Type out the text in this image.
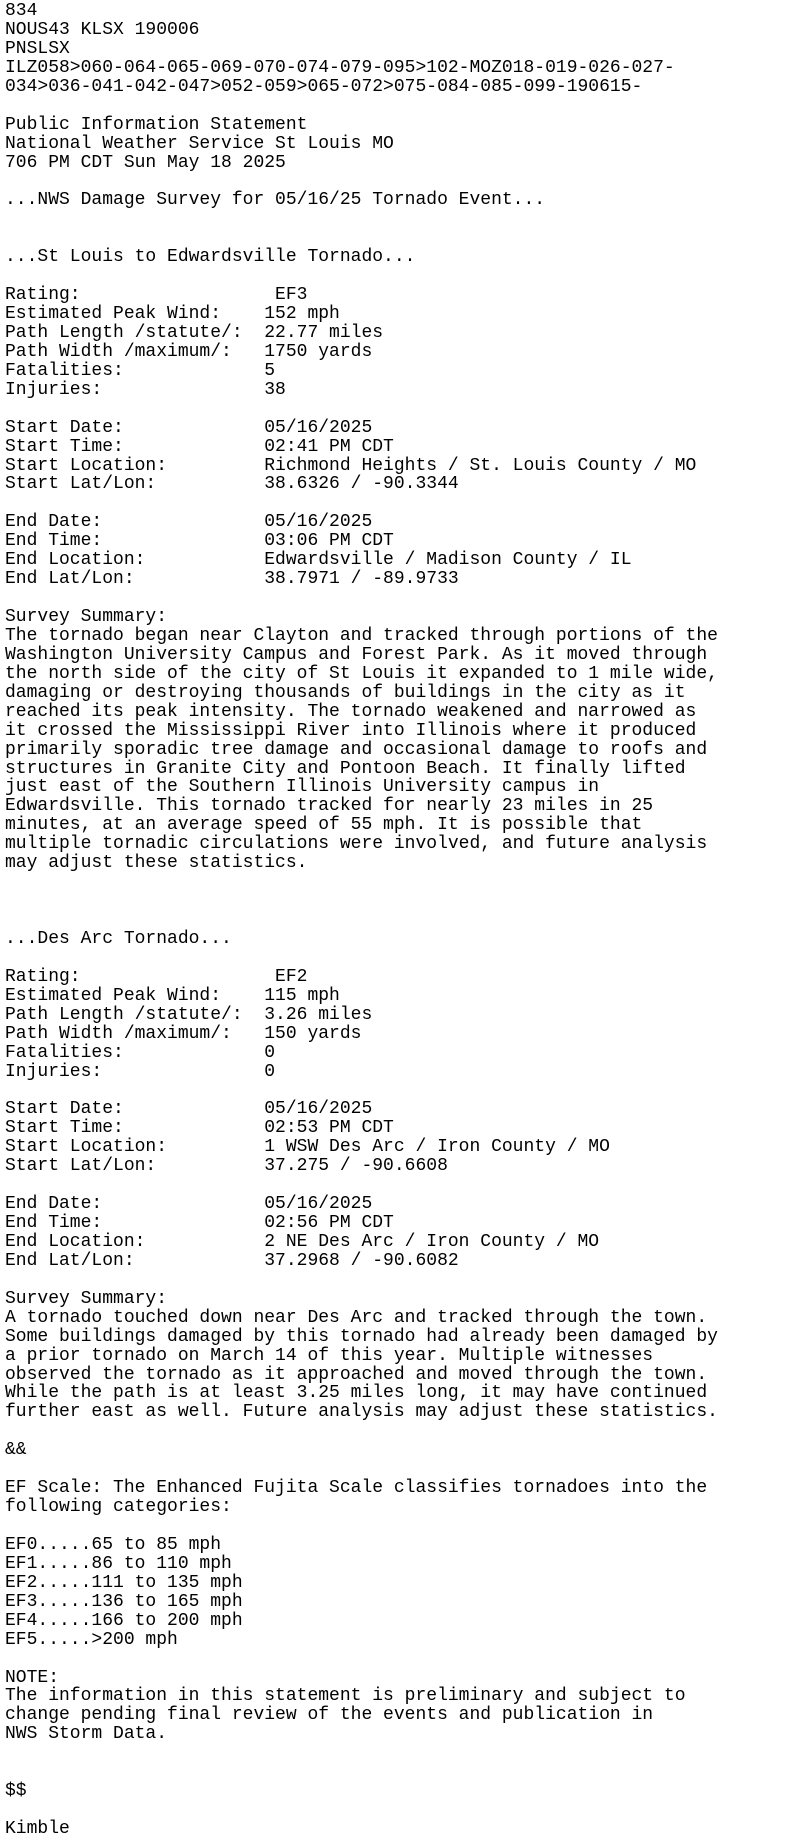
834
NOUS43 KLSX 190006
PNSLSX
ILZ058>060-064-065-069-070-074-079-095>102-MOZ018-019-026-027-
034>036-041-042-047>052-059>065-072>075-084-085-099-190615-
Public Information Statement
National Weather Service St Louis MO
706 PM CDT Sun May 18 2025
...NWS Damage Survey for 05/16/25 Tornado Event...
...St Louis to Edwardsville Tornado...
Rating:                  EF3
Estimated Peak Wind:    152 mph
Path Length /statute/:  22.77 miles
Path Width /maximum/:   1750 yards
Fatalities:             5
Injuries:               38
Start Date:             05/16/2025
Start Time:             02:41 PM CDT
Start Location:         Richmond Heights / St. Louis County / MO
Start Lat/Lon:          38.6326 / -90.3344
End Date:               05/16/2025
End Time:               03:06 PM CDT
End Location:           Edwardsville / Madison County / IL
End Lat/Lon:            38.7971 / -89.9733
Survey Summary:
The tornado began near Clayton and tracked through portions of the
Washington University Campus and Forest Park. As it moved through
the north side of the city of St Louis it expanded to 1 mile wide,
damaging or destroying thousands of buildings in the city as it
reached its peak intensity. The tornado weakened and narrowed as
it crossed the Mississippi River into Illinois where it produced
primarily sporadic tree damage and occasional damage to roofs and
structures in Granite City and Pontoon Beach. It finally lifted
just east of the Southern Illinois University campus in
Edwardsville. This tornado tracked for nearly 23 miles in 25
minutes, at an average speed of 55 mph. It is possible that
multiple tornadic circulations were involved, and future analysis
may adjust these statistics.
...Des Arc Tornado...
Rating:                  EF2
Estimated Peak Wind:    115 mph
Path Length /statute/:  3.26 miles
Path Width /maximum/:   150 yards
Fatalities:             0
Injuries:               0
Start Date:             05/16/2025
Start Time:             02:53 PM CDT
Start Location:         1 WSW Des Arc / Iron County / MO
Start Lat/Lon:          37.275 / -90.6608
End Date:               05/16/2025
End Time:               02:56 PM CDT
End Location:           2 NE Des Arc / Iron County / MO
End Lat/Lon:            37.2968 / -90.6082
Survey Summary:
A tornado touched down near Des Arc and tracked through the town.
Some buildings damaged by this tornado had already been damaged by
a prior tornado on March 14 of this year. Multiple witnesses
observed the tornado as it approached and moved through the town.
While the path is at least 3.25 miles long, it may have continued
further east as well. Future analysis may adjust these statistics.
&&
EF Scale: The Enhanced Fujita Scale classifies tornadoes into the
following categories:
EF0.....65 to 85 mph
EF1.....86 to 110 mph
EF2.....111 to 135 mph
EF3.....136 to 165 mph
EF4.....166 to 200 mph
EF5.....>200 mph
NOTE:
The information in this statement is preliminary and subject to
change pending final review of the events and publication in
NWS Storm Data.
$$
Kimble
